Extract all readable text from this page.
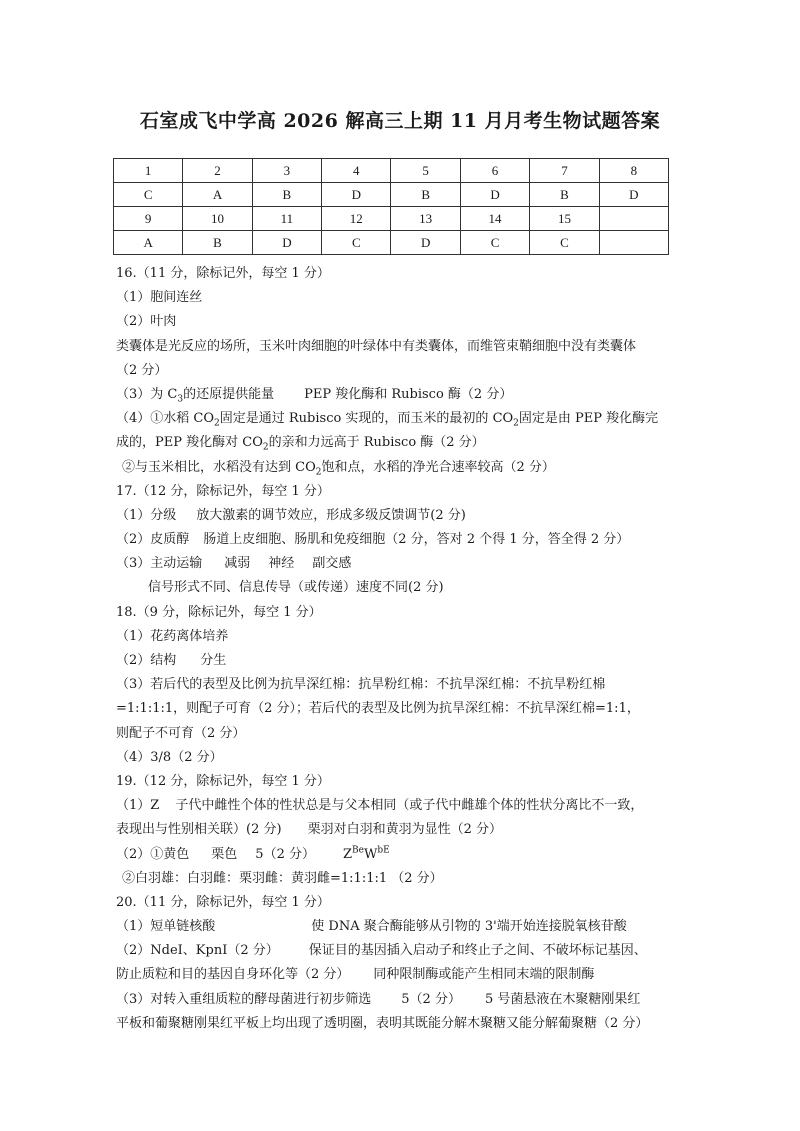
石室成飞中学高 2026 解高三上期 11 月月考生物试题答案
1	2	3	4	5	6	7	8
C	A	B	D	B	D	B	D
9	10	11	12	13	14	15	
A	B	D	C	D	C	C	
16.（11 分，除标记外，每空 1 分）
（1）胞间连丝
（2）叶肉
类囊体是光反应的场所，玉米叶肉细胞的叶绿体中有类囊体，而维管束鞘细胞中没有类囊体
（2 分）
（3）为 $C_3$的还原提供能量 PEP 羧化酶和 Rubisco 酶（2 分）
（4）①水稻 $CO_2$固定是通过 Rubisco 实现的，而玉米的最初的 $CO_2$固定是由 PEP 羧化酶完
成的，PEP 羧化酶对 $CO_2$的亲和力远高于 Rubisco 酶（2 分）
②与玉米相比，水稻没有达到 $CO_2$饱和点，水稻的净光合速率较高（2 分）
17.（12 分，除标记外，每空 1 分）
（1）分级 放大激素的调节效应，形成多级反馈调节(2 分)
（2）皮质醇 肠道上皮细胞、肠肌和免疫细胞（2 分，答对 2 个得 1 分，答全得 2 分）
（3）主动运输 减弱 神经 副交感
信号形式不同、信息传导（或传递）速度不同(2 分)
18.（9 分，除标记外，每空 1 分）
（1）花药离体培养
（2）结构 分生
（3）若后代的表型及比例为抗旱深红棉：抗旱粉红棉：不抗旱深红棉：不抗旱粉红棉
=1:1:1:1，则配子可育（2 分）；若后代的表型及比例为抗旱深红棉：不抗旱深红棉=1:1，
则配子不可育（2 分）
（4）3/8（2 分）
19.（12 分，除标记外，每空 1 分）
（1）Z 子代中雌性个体的性状总是与父本相同（或子代中雌雄个体的性状分离比不一致，
表现出与性别相关联）(2 分) 栗羽对白羽和黄羽为显性（2 分）
（2）①黄色 栗色 5（2 分） $Z^{Be}W^{bE}$
②白羽雄：白羽雌：栗羽雌：黄羽雌=1:1:1:1 （2 分）
20.（11 分，除标记外，每空 1 分）
（1）短单链核酸	使 DNA 聚合酶能够从引物的 3'端开始连接脱氧核苷酸
（2）NdeI、KpnI（2 分） 保证目的基因插入启动子和终止子之间、不破坏标记基因、
防止质粒和目的基因自身环化等（2 分） 同种限制酶或能产生相同末端的限制酶
（3）对转入重组质粒的酵母菌进行初步筛选 5（2 分） 5 号菌悬液在木聚糖刚果红
平板和葡聚糖刚果红平板上均出现了透明圈，表明其既能分解木聚糖又能分解葡聚糖（2 分）
